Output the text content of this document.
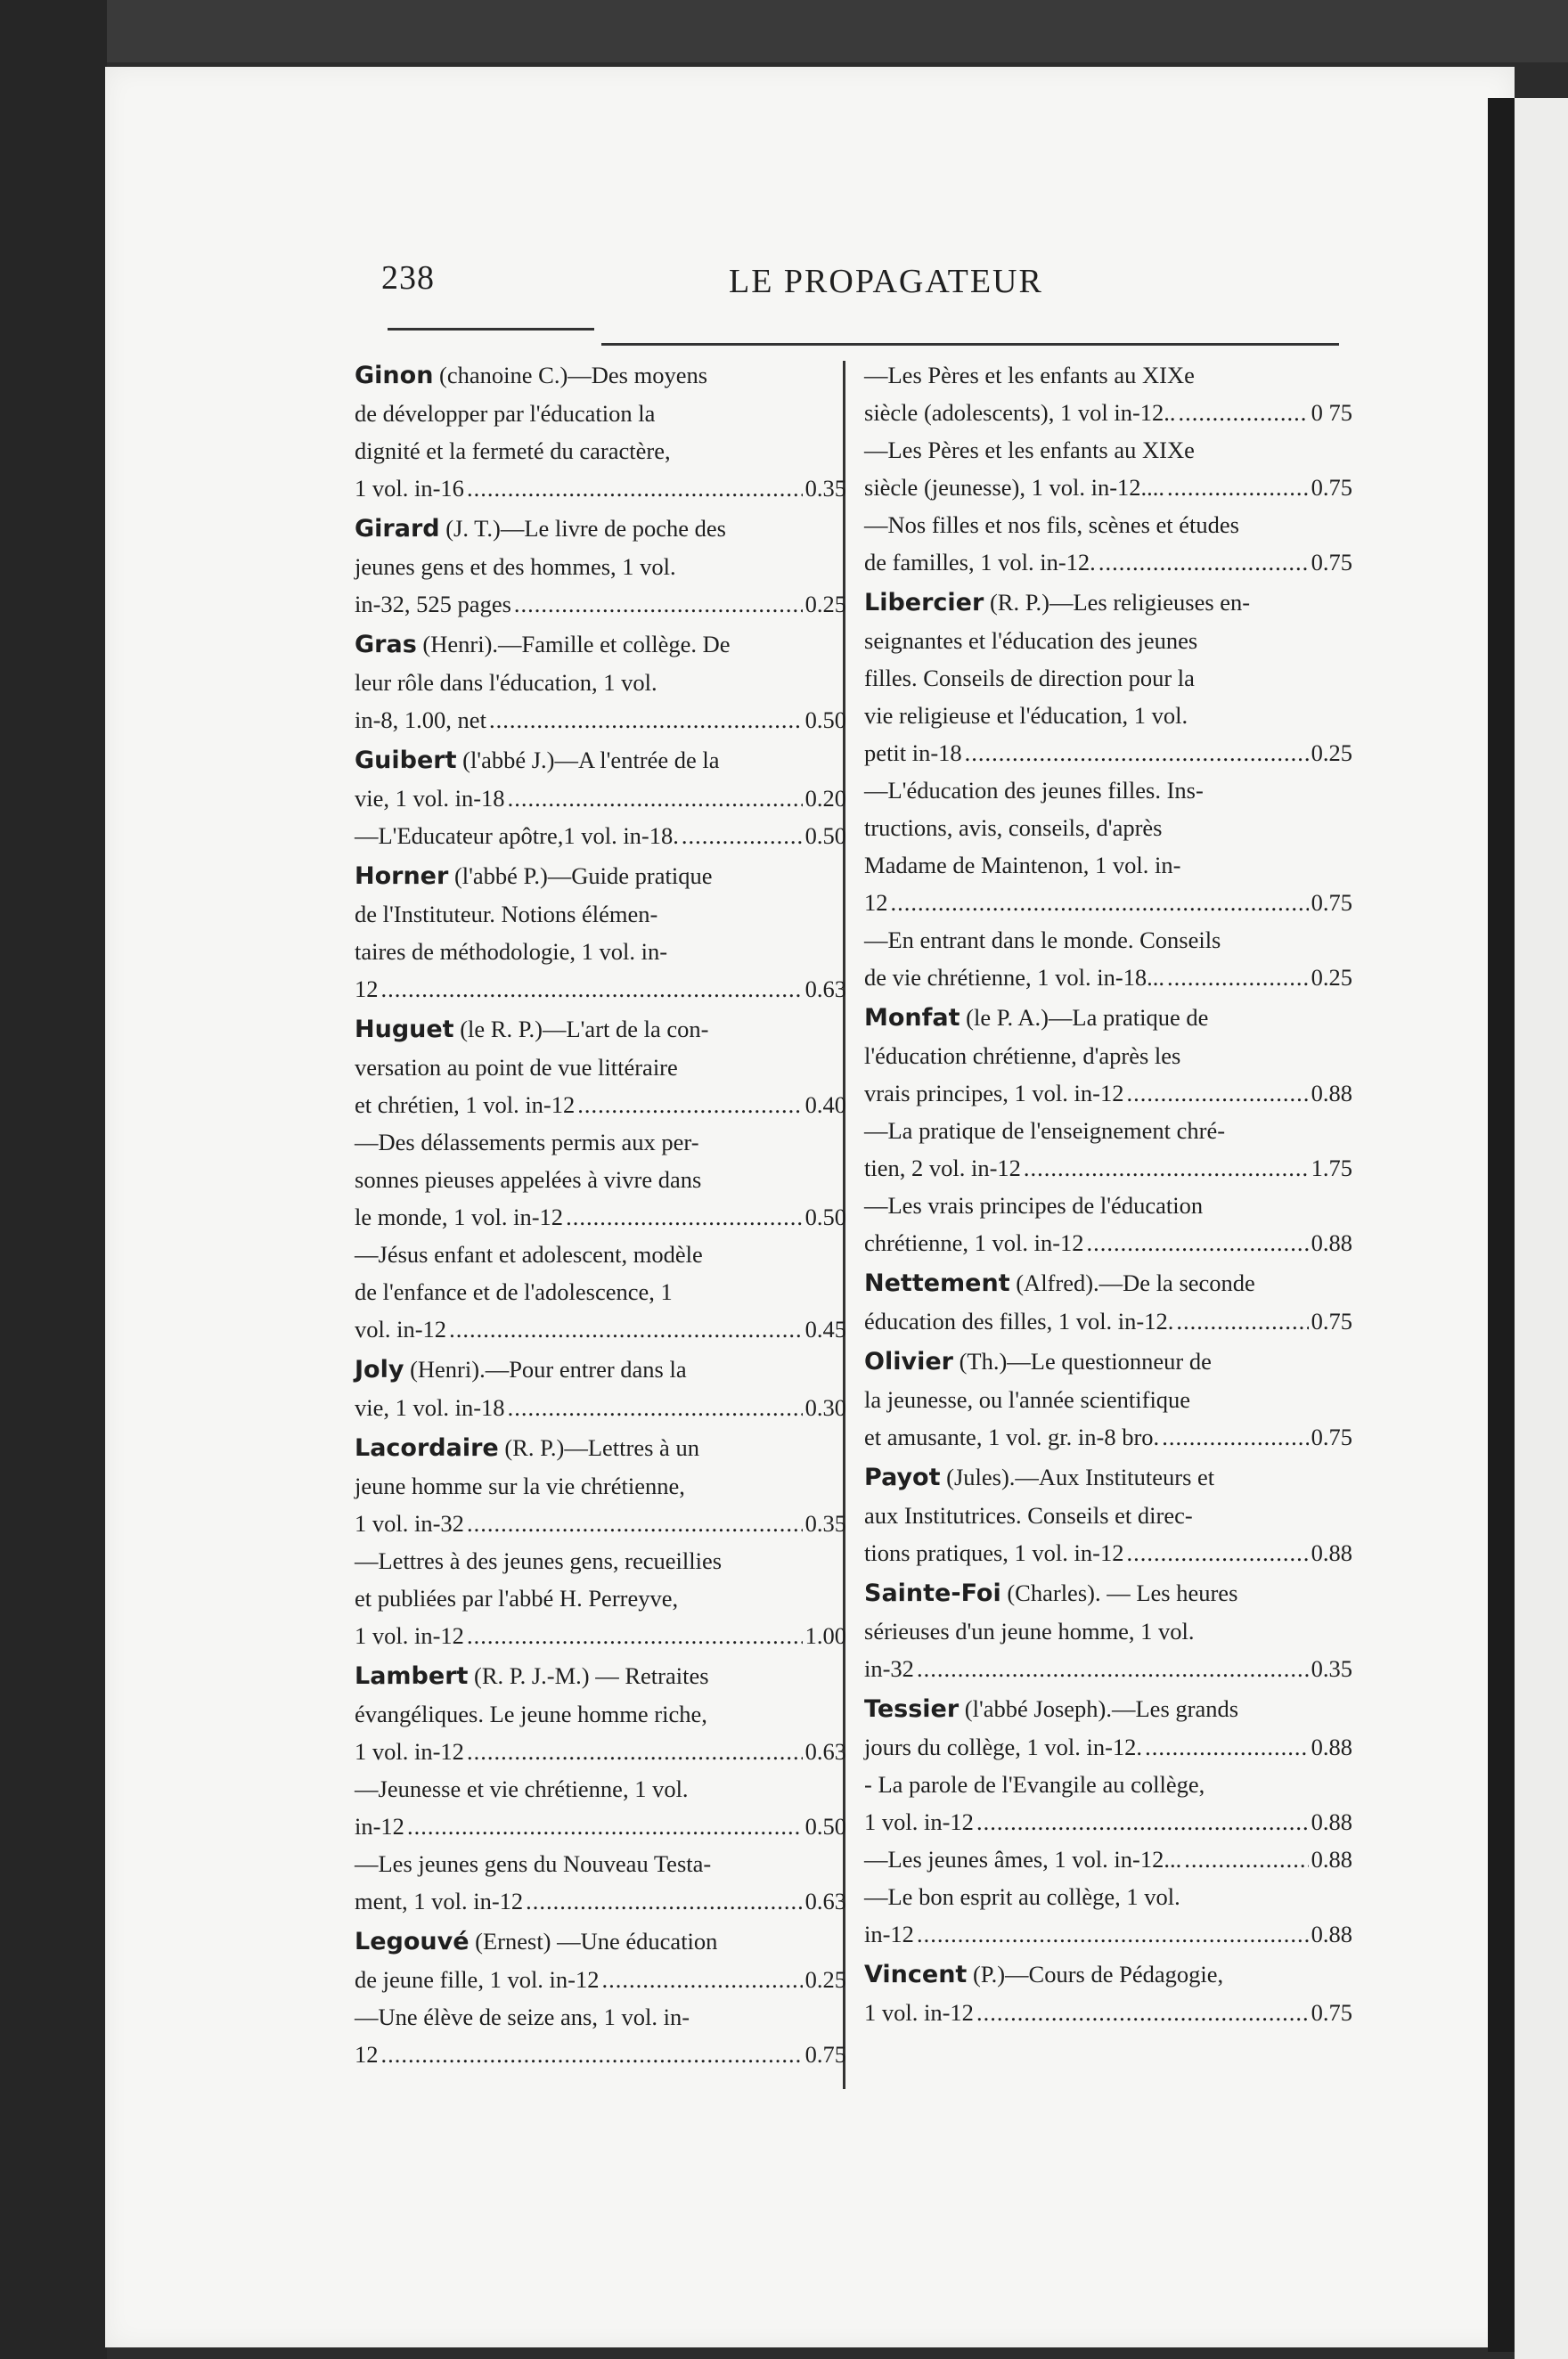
238	LE PROPAGATEUR
Ginon (chanoine C.)—Des moyens
de développer par l'éducation la
dignité et la fermeté du caractère,
1 vol. in-16 .....	0.35
Girard (J. T.)—Le livre de poche des
jeunes gens et des hommes, 1 vol.
in-32, 525 pages .....	0.25
Gras (Henri).—Famille et collège. De
leur rôle dans l'éducation, 1 vol.
in-8, 1.00, net .....	0.50
Guibert (l'abbé J.)—A l'entrée de la
vie, 1 vol. in-18 .....	0.20
—L'Educateur apôtre,1 vol. in-18. .....	0.50
Horner (l'abbé P.)—Guide pratique
de l'Instituteur. Notions élémen-
taires de méthodologie, 1 vol. in-
12 .....	0.63
Huguet (le R. P.)—L'art de la con-
versation au point de vue littéraire
et chrétien, 1 vol. in-12 .....	0.40
—Des délassements permis aux per-
sonnes pieuses appelées à vivre dans
le monde, 1 vol. in-12 .....	0.50
—Jésus enfant et adolescent, modèle
de l'enfance et de l'adolescence, 1
vol. in-12 .....	0.45
Joly (Henri).—Pour entrer dans la
vie, 1 vol. in-18 .....	0.30
Lacordaire (R. P.)—Lettres à un
jeune homme sur la vie chrétienne,
1 vol. in-32 .....	0.35
—Lettres à des jeunes gens, recueillies
et publiées par l'abbé H. Perreyve,
1 vol. in-12 .....	1.00
Lambert (R. P. J.-M.) — Retraites
évangéliques. Le jeune homme riche,
1 vol. in-12 .....	0.63
—Jeunesse et vie chrétienne, 1 vol.
in-12 .....	0.50
—Les jeunes gens du Nouveau Testa-
ment, 1 vol. in-12 .....	0.63
Legouvé (Ernest) —Une éducation
de jeune fille, 1 vol. in-12 .....	0.25
—Une élève de seize ans, 1 vol. in-
12 .....	0.75
—Les Pères et les enfants au XIXe
siècle (adolescents), 1 vol in-12.. .....	0 75
—Les Pères et les enfants au XIXe
siècle (jeunesse), 1 vol. in-12.... .....	0.75
—Nos filles et nos fils, scènes et études
de familles, 1 vol. in-12. .....	0.75
Libercier (R. P.)—Les religieuses en-
seignantes et l'éducation des jeunes
filles. Conseils de direction pour la
vie religieuse et l'éducation, 1 vol.
petit in-18 .....	0.25
—L'éducation des jeunes filles. Ins-
tructions, avis, conseils, d'après
Madame de Maintenon, 1 vol. in-
12 .....	0.75
—En entrant dans le monde. Conseils
de vie chrétienne, 1 vol. in-18... .....	0.25
Monfat (le P. A.)—La pratique de
l'éducation chrétienne, d'après les
vrais principes, 1 vol. in-12 .....	0.88
—La pratique de l'enseignement chré-
tien, 2 vol. in-12 .....	1.75
—Les vrais principes de l'éducation
chrétienne, 1 vol. in-12 .....	0.88
Nettement (Alfred).—De la seconde
éducation des filles, 1 vol. in-12. .....	0.75
Olivier (Th.)—Le questionneur de
la jeunesse, ou l'année scientifique
et amusante, 1 vol. gr. in-8 bro. .....	0.75
Payot (Jules).—Aux Instituteurs et
aux Institutrices. Conseils et direc-
tions pratiques, 1 vol. in-12 .....	0.88
Sainte-Foi (Charles). — Les heures
sérieuses d'un jeune homme, 1 vol.
in-32 .....	0.35
Tessier (l'abbé Joseph).—Les grands
jours du collège, 1 vol. in-12. .....	0.88
- La parole de l'Evangile au collège,
1 vol. in-12 .....	0.88
—Les jeunes âmes, 1 vol. in-12... .....	0.88
—Le bon esprit au collège, 1 vol.
in-12 .....	0.88
Vincent (P.)—Cours de Pédagogie,
1 vol. in-12 .....	0.75
